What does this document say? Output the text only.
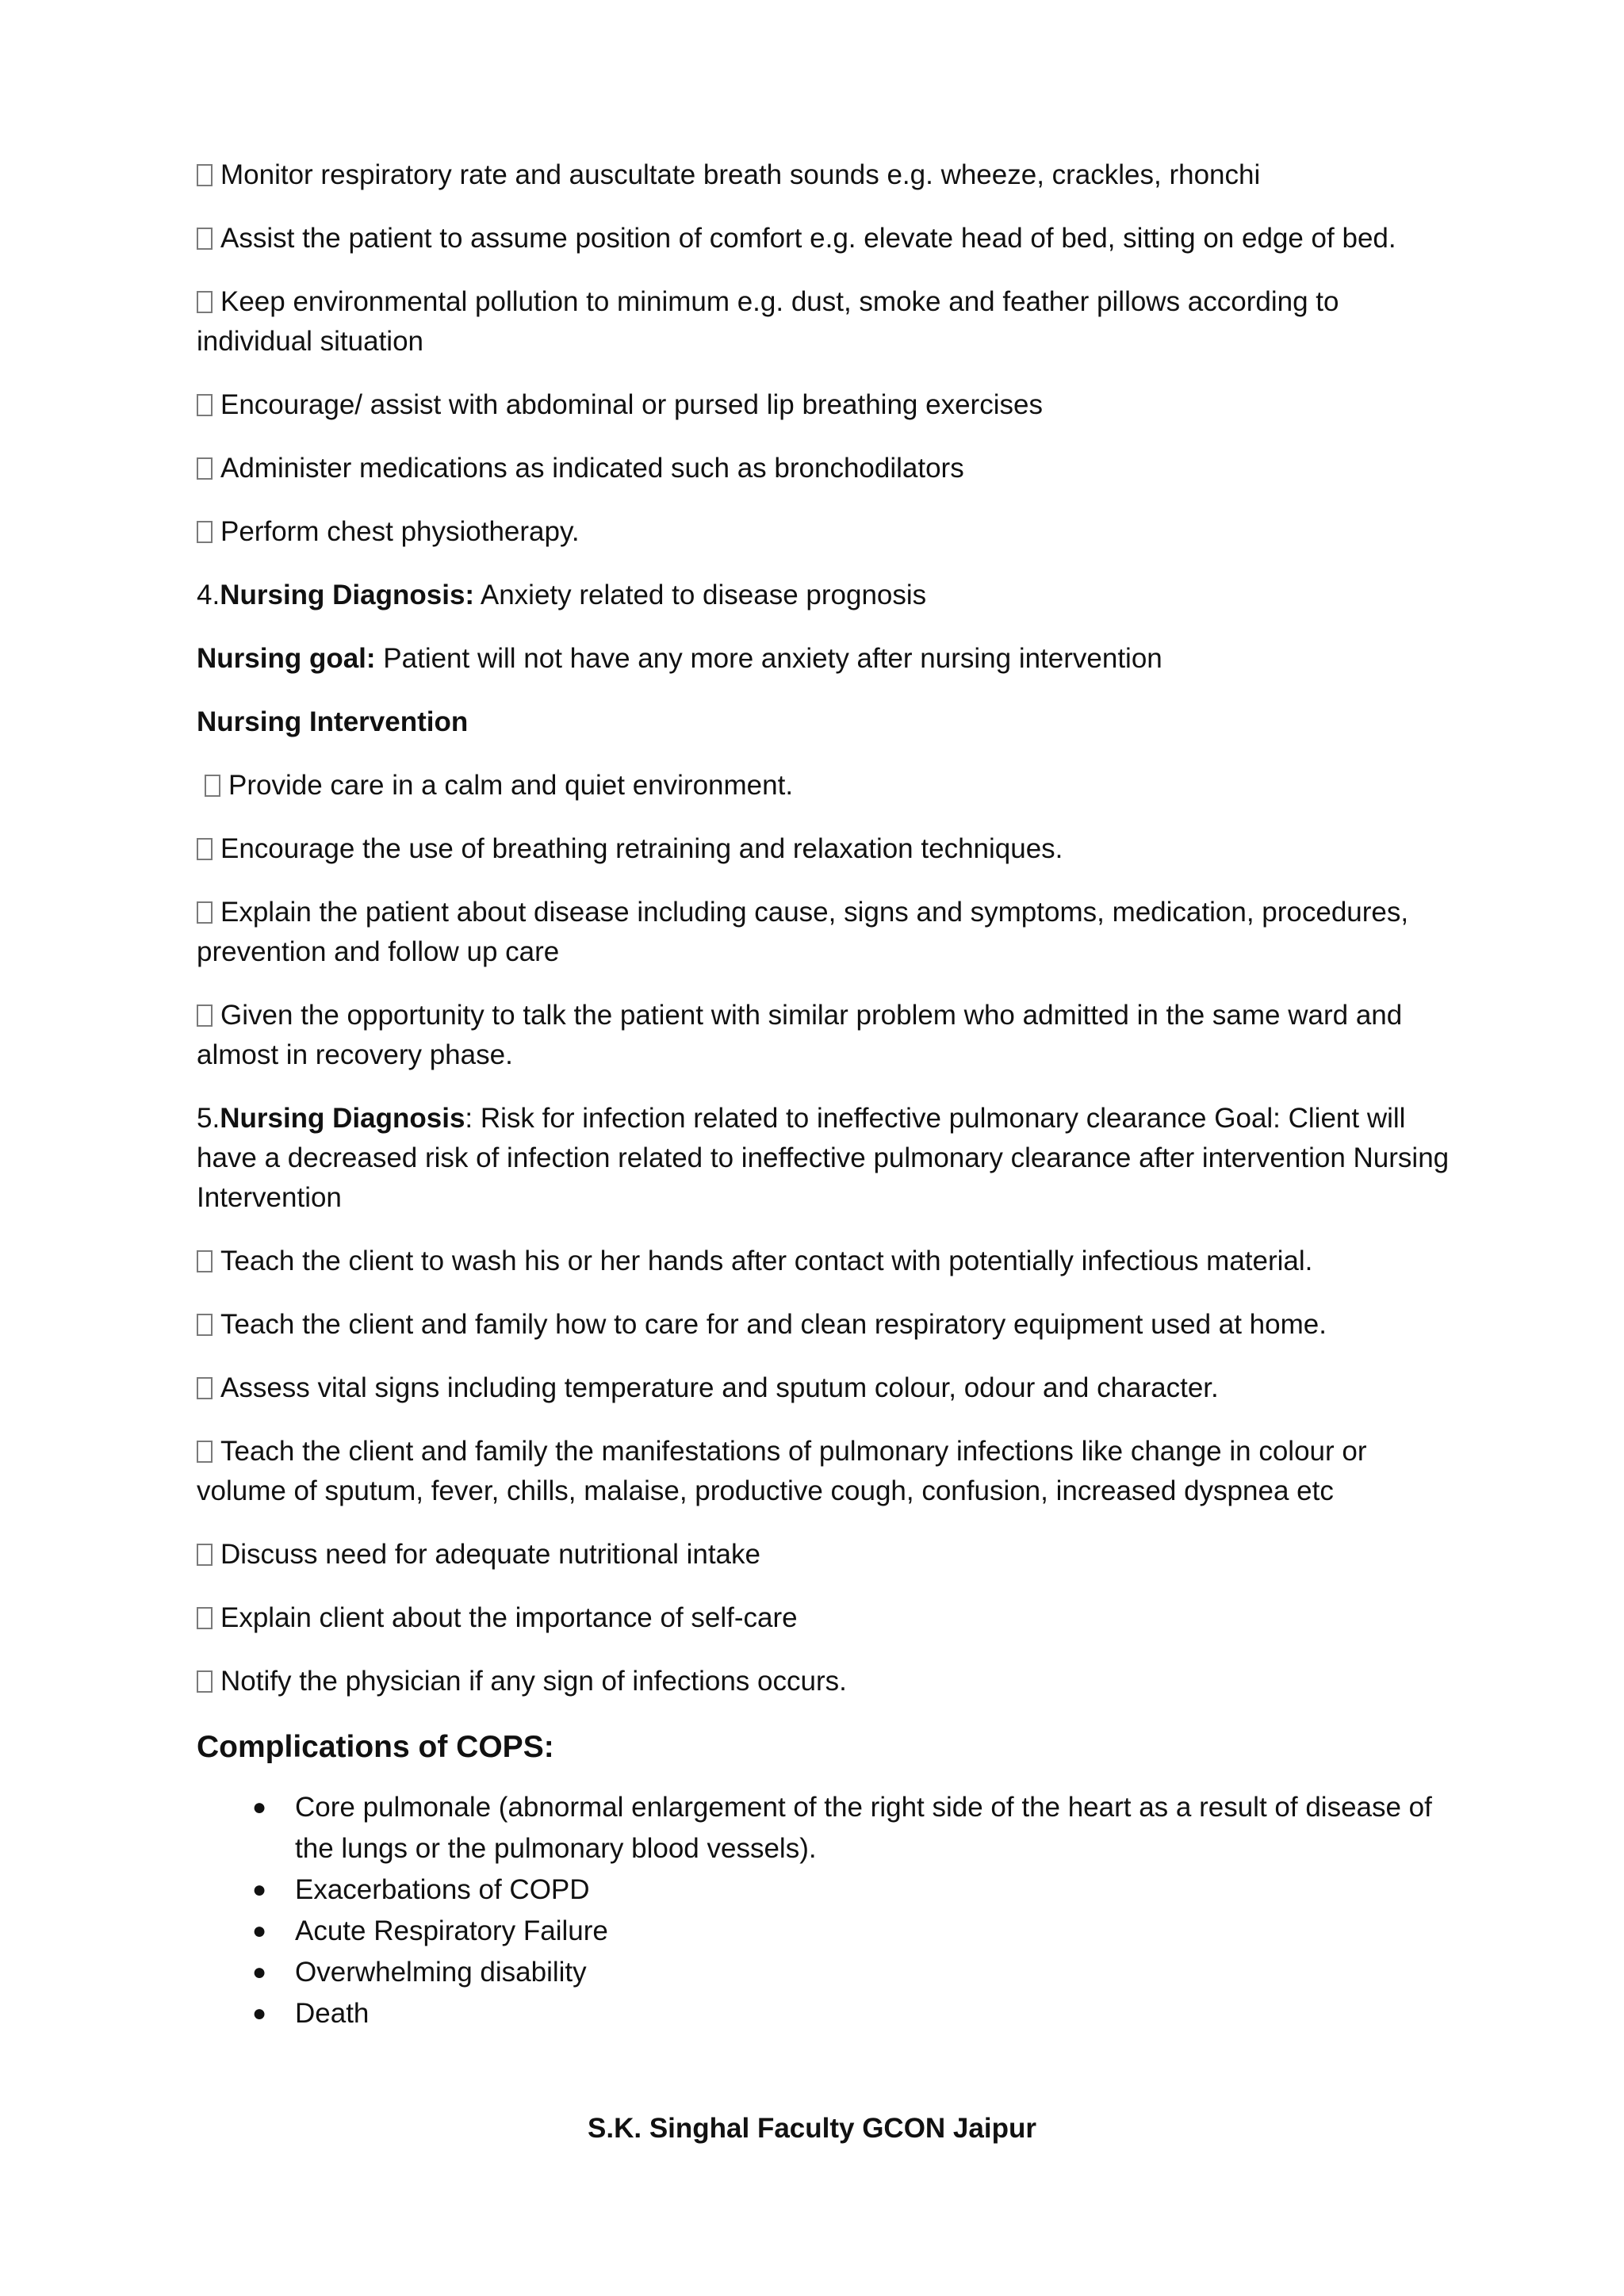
Monitor respiratory rate and auscultate breath sounds e.g. wheeze, crackles, rhonchi

Assist the patient to assume position of comfort e.g. elevate head of bed, sitting on edge of bed.

Keep environmental pollution to minimum e.g. dust, smoke and feather pillows according to individual situation

Encourage/ assist with abdominal or pursed lip breathing exercises

Administer medications as indicated such as bronchodilators

Perform chest physiotherapy.

4.Nursing Diagnosis: Anxiety related to disease prognosis

Nursing goal: Patient will not have any more anxiety after nursing intervention

Nursing Intervention

Provide care in a calm and quiet environment.

Encourage the use of breathing retraining and relaxation techniques.

Explain the patient about disease including cause, signs and symptoms, medication, procedures, prevention and follow up care

Given the opportunity to talk the patient with similar problem who admitted in the same ward and almost in recovery phase.

5.Nursing Diagnosis: Risk for infection related to ineffective pulmonary clearance Goal: Client will have a decreased risk of infection related to ineffective pulmonary clearance after intervention Nursing Intervention

Teach the client to wash his or her hands after contact with potentially infectious material.

Teach the client and family how to care for and clean respiratory equipment used at home.

Assess vital signs including temperature and sputum colour, odour and character.

Teach the client and family the manifestations of pulmonary infections like change in colour or volume of sputum, fever, chills, malaise, productive cough, confusion, increased dyspnea etc

Discuss need for adequate nutritional intake

Explain client about the importance of self-care

Notify the physician if any sign of infections occurs.

Complications of COPS:
● Core pulmonale (abnormal enlargement of the right side of the heart as a result of disease of the lungs or the pulmonary blood vessels).
● Exacerbations of COPD
● Acute Respiratory Failure
● Overwhelming disability
● Death
S.K. Singhal Faculty GCON Jaipur
